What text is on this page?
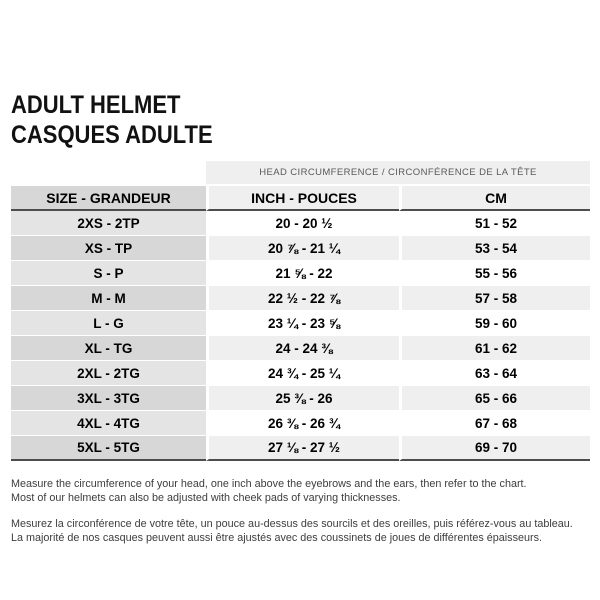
ADULT HELMET
CASQUES ADULTE
	HEAD CIRCUMFERENCE / CIRCONFÉRENCE DE LA TÊTE	
SIZE - GRANDEUR	INCH - POUCES	CM
2XS - 2TP	20 - 20 ½	51 - 52
XS - TP	20 ⅞ - 21 ¼	53 - 54
S - P	21 ⅝ - 22	55 - 56
M - M	22 ½ - 22 ⅞	57 - 58
L - G	23 ¼ - 23 ⅝	59 - 60
XL - TG	24 - 24 ⅜	61 - 62
2XL - 2TG	24 ¾ - 25 ¼	63 - 64
3XL - 3TG	25 ⅜ - 26	65 - 66
4XL - 4TG	26 ⅜ - 26 ¾	67 - 68
5XL - 5TG	27 ⅛ - 27 ½	69 - 70

Measure the circumference of your head, one inch above the eyebrows and the ears, then refer to the chart.
Most of our helmets can also be adjusted with cheek pads of varying thicknesses.

Mesurez la circonférence de votre tête, un pouce au-dessus des sourcils et des oreilles, puis référez-vous au tableau.
La majorité de nos casques peuvent aussi être ajustés avec des coussinets de joues de différentes épaisseurs.
